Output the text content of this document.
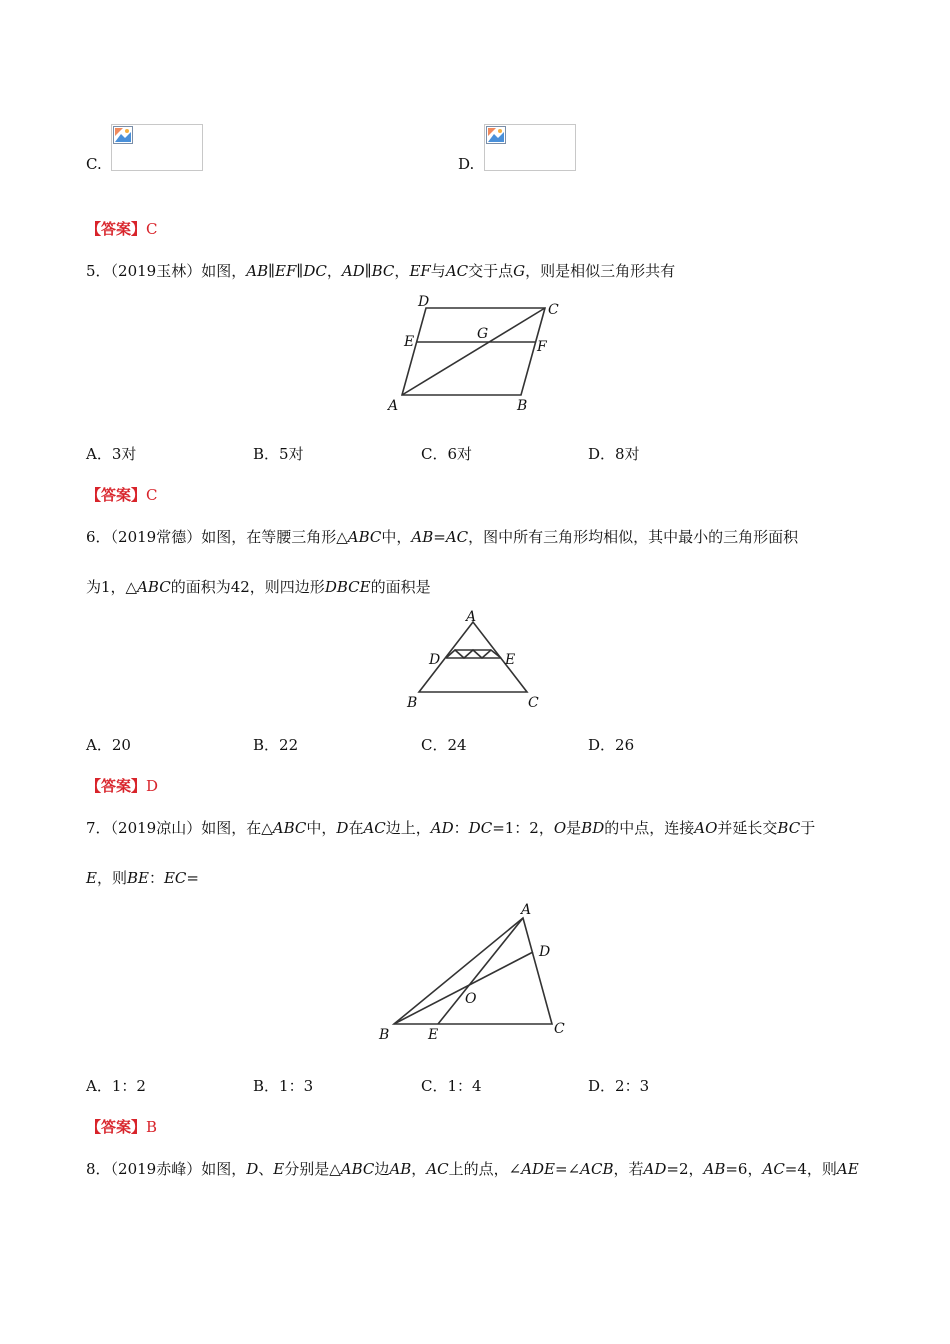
C.	D.
【答案】C
5．（2019玉林）如图，AB∥EF∥DC，AD∥BC，EF与AC交于点G，则是相似三角形共有
A	B
C
D
E	F
G
A．3对	B．5对	C．6对	D．8对
【答案】C
6．（2019常德）如图，在等腰三角形△ABC中，AB=AC，图中所有三角形均相似，其中最小的三角形面积
为1，△ABC的面积为42，则四边形DBCE的面积是
A
B	C
D	E
A．20	B．22	C．24	D．26
【答案】D
7．（2019凉山）如图，在△ABC中，D在AC边上，AD：DC=1：2，O是BD的中点，连接AO并延长交BC于
E，则BE：EC=
A
B	C
D
E
O
A．1：2	B．1：3	C．1：4	D．2：3
【答案】B
8．（2019赤峰）如图，D、E分别是△ABC边AB，AC上的点，∠ADE=∠ACB，若AD=2，AB=6，AC=4，则AE
